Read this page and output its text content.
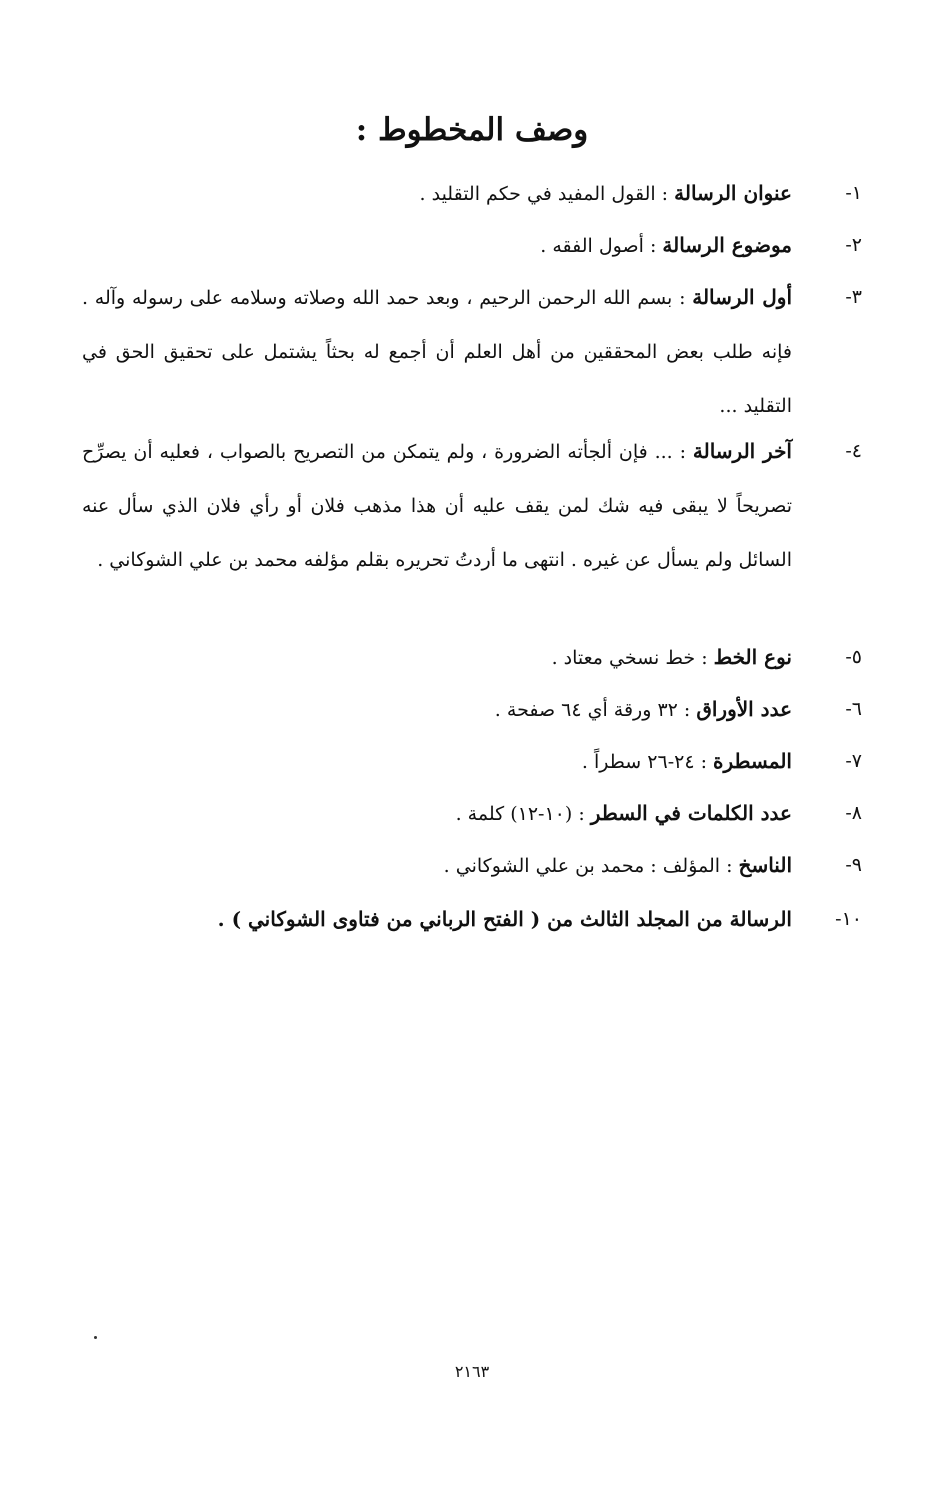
وصف المخطوط :
١-
عنوان الرسالة : القول المفيد في حكم التقليد .
٢-
موضوع الرسالة : أصول الفقه .
٣-
أول الرسالة : بسم الله الرحمن الرحيم ، وبعد حمد الله وصلاته وسلامه على رسوله وآله . فإنه طلب بعض المحققين من أهل العلم أن أجمع له بحثاً يشتمل على تحقيق الحق في التقليد ...
٤-
آخر الرسالة : ... فإن ألجأته الضرورة ، ولم يتمكن من التصريح بالصواب ، فعليه أن يصرِّح تصريحاً لا يبقى فيه شك لمن يقف عليه أن هذا مذهب فلان أو رأي فلان الذي سأل عنه السائل ولم يسأل عن غيره . انتهى ما أردتُ تحريره بقلم مؤلفه محمد بن علي الشوكاني .
٥-
نوع الخط : خط نسخي معتاد .
٦-
عدد الأوراق : ٣٢ ورقة أي ٦٤ صفحة .
٧-
المسطرة : ٢٤-٢٦ سطراً .
٨-
عدد الكلمات في السطر : (١٠-١٢) كلمة .
٩-
الناسخ : المؤلف : محمد بن علي الشوكاني .
١٠-
الرسالة من المجلد الثالث من ( الفتح الرباني من فتاوى الشوكاني ) .
٢١٦٣
